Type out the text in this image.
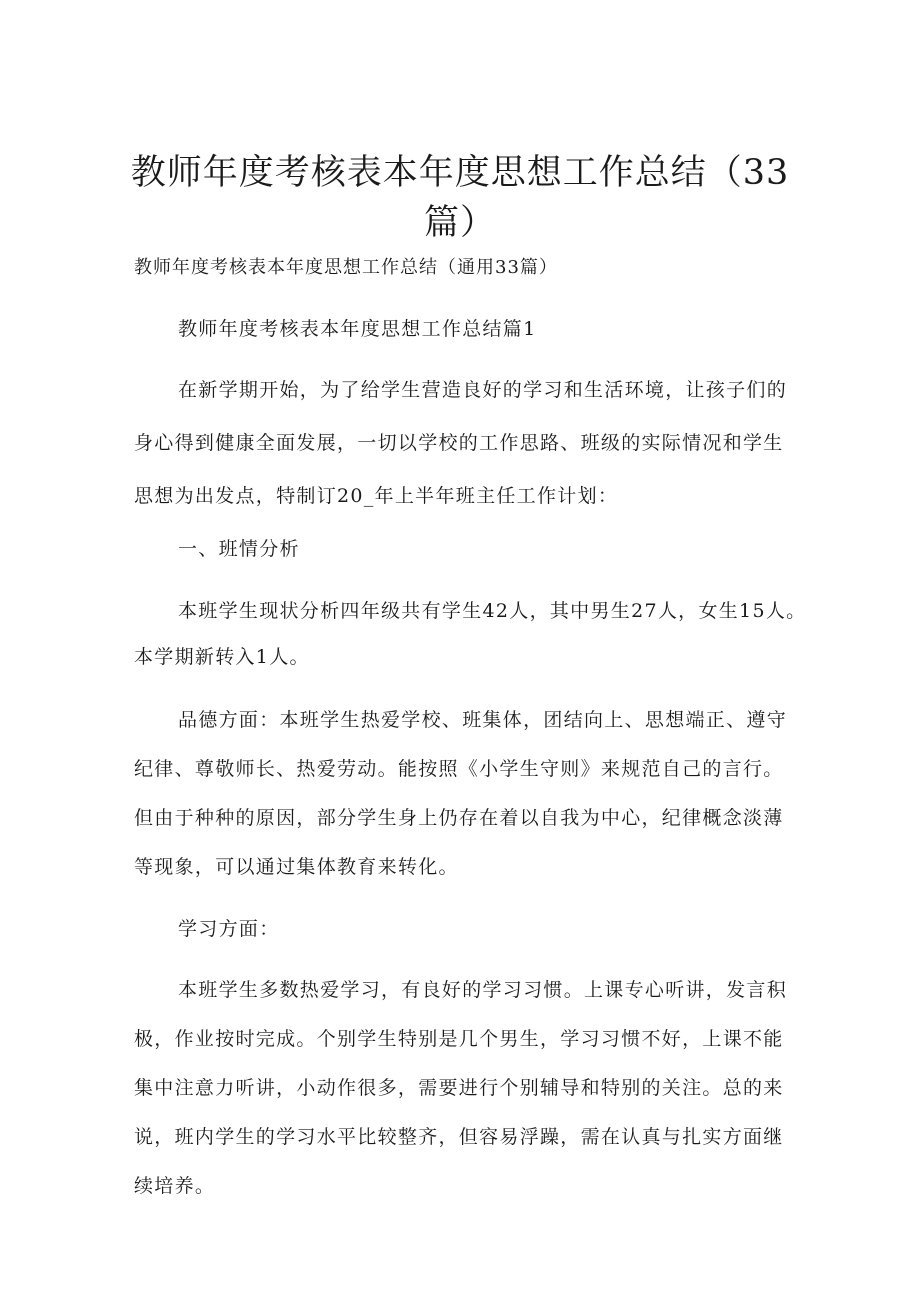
教师年度考核表本年度思想工作总结（33
篇）

教师年度考核表本年度思想工作总结（通用33篇）

教师年度考核表本年度思想工作总结篇1

在新学期开始，为了给学生营造良好的学习和生活环境，让孩子们的

身心得到健康全面发展，一切以学校的工作思路、班级的实际情况和学生

思想为出发点，特制订20_年上半年班主任工作计划：

一、班情分析

本班学生现状分析四年级共有学生42人，其中男生27人，女生15人。

本学期新转入1人。

品德方面：本班学生热爱学校、班集体，团结向上、思想端正、遵守

纪律、尊敬师长、热爱劳动。能按照《小学生守则》来规范自己的言行。

但由于种种的原因，部分学生身上仍存在着以自我为中心，纪律概念淡薄

等现象，可以通过集体教育来转化。

学习方面：

本班学生多数热爱学习，有良好的学习习惯。上课专心听讲，发言积

极，作业按时完成。个别学生特别是几个男生，学习习惯不好，上课不能

集中注意力听讲，小动作很多，需要进行个别辅导和特别的关注。总的来

说，班内学生的学习水平比较整齐，但容易浮躁，需在认真与扎实方面继

续培养。
